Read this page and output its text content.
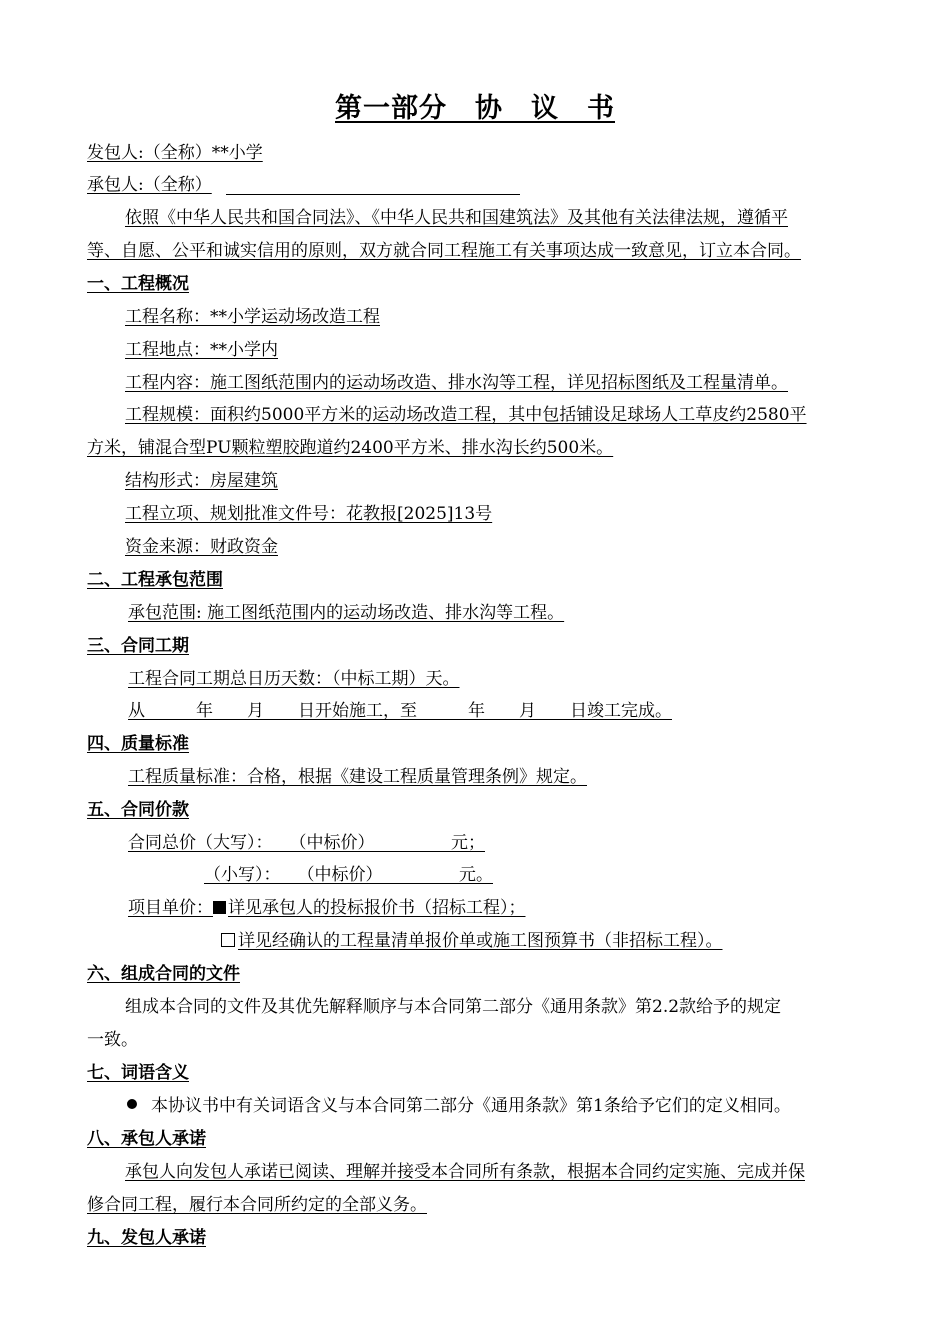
第一部分　协　议　书
发包人:（全称）**小学
承包人:（全称）
依照《中华人民共和国合同法》、《中华人民共和国建筑法》及其他有关法律法规，遵循平
等、自愿、公平和诚实信用的原则，双方就合同工程施工有关事项达成一致意见，订立本合同。
一、工程概况
工程名称：**小学运动场改造工程
工程地点：**小学内
工程内容：施工图纸范围内的运动场改造、排水沟等工程，详见招标图纸及工程量清单。
工程规模：面积约5000平方米的运动场改造工程，其中包括铺设足球场人工草皮约2580平
方米，铺混合型PU颗粒塑胶跑道约2400平方米、排水沟长约500米。
结构形式：房屋建筑
工程立项、规划批准文件号：花教报[2025]13号
资金来源：财政资金
二、工程承包范围
承包范围: 施工图纸范围内的运动场改造、排水沟等工程。
三、合同工期
工程合同工期总日历天数：（中标工期）天。
从　　　年　　月　　日开始施工，至　　　年　　月　　日竣工完成。
四、质量标准
工程质量标准：合格，根据《建设工程质量管理条例》规定。
五、合同价款
合同总价（大写）：　　（中标价）　　　　　元；
（小写）：　　（中标价）　　　　　元。
项目单价： 详见承包人的投标报价书（招标工程）；
详见经确认的工程量清单报价单或施工图预算书（非招标工程）。
六、组成合同的文件
组成本合同的文件及其优先解释顺序与本合同第二部分《通用条款》第2.2款给予的规定
一致。
七、词语含义
本协议书中有关词语含义与本合同第二部分《通用条款》第1条给予它们的定义相同。
八、承包人承诺
承包人向发包人承诺已阅读、理解并接受本合同所有条款，根据本合同约定实施、完成并保
修合同工程，履行本合同所约定的全部义务。
九、发包人承诺
